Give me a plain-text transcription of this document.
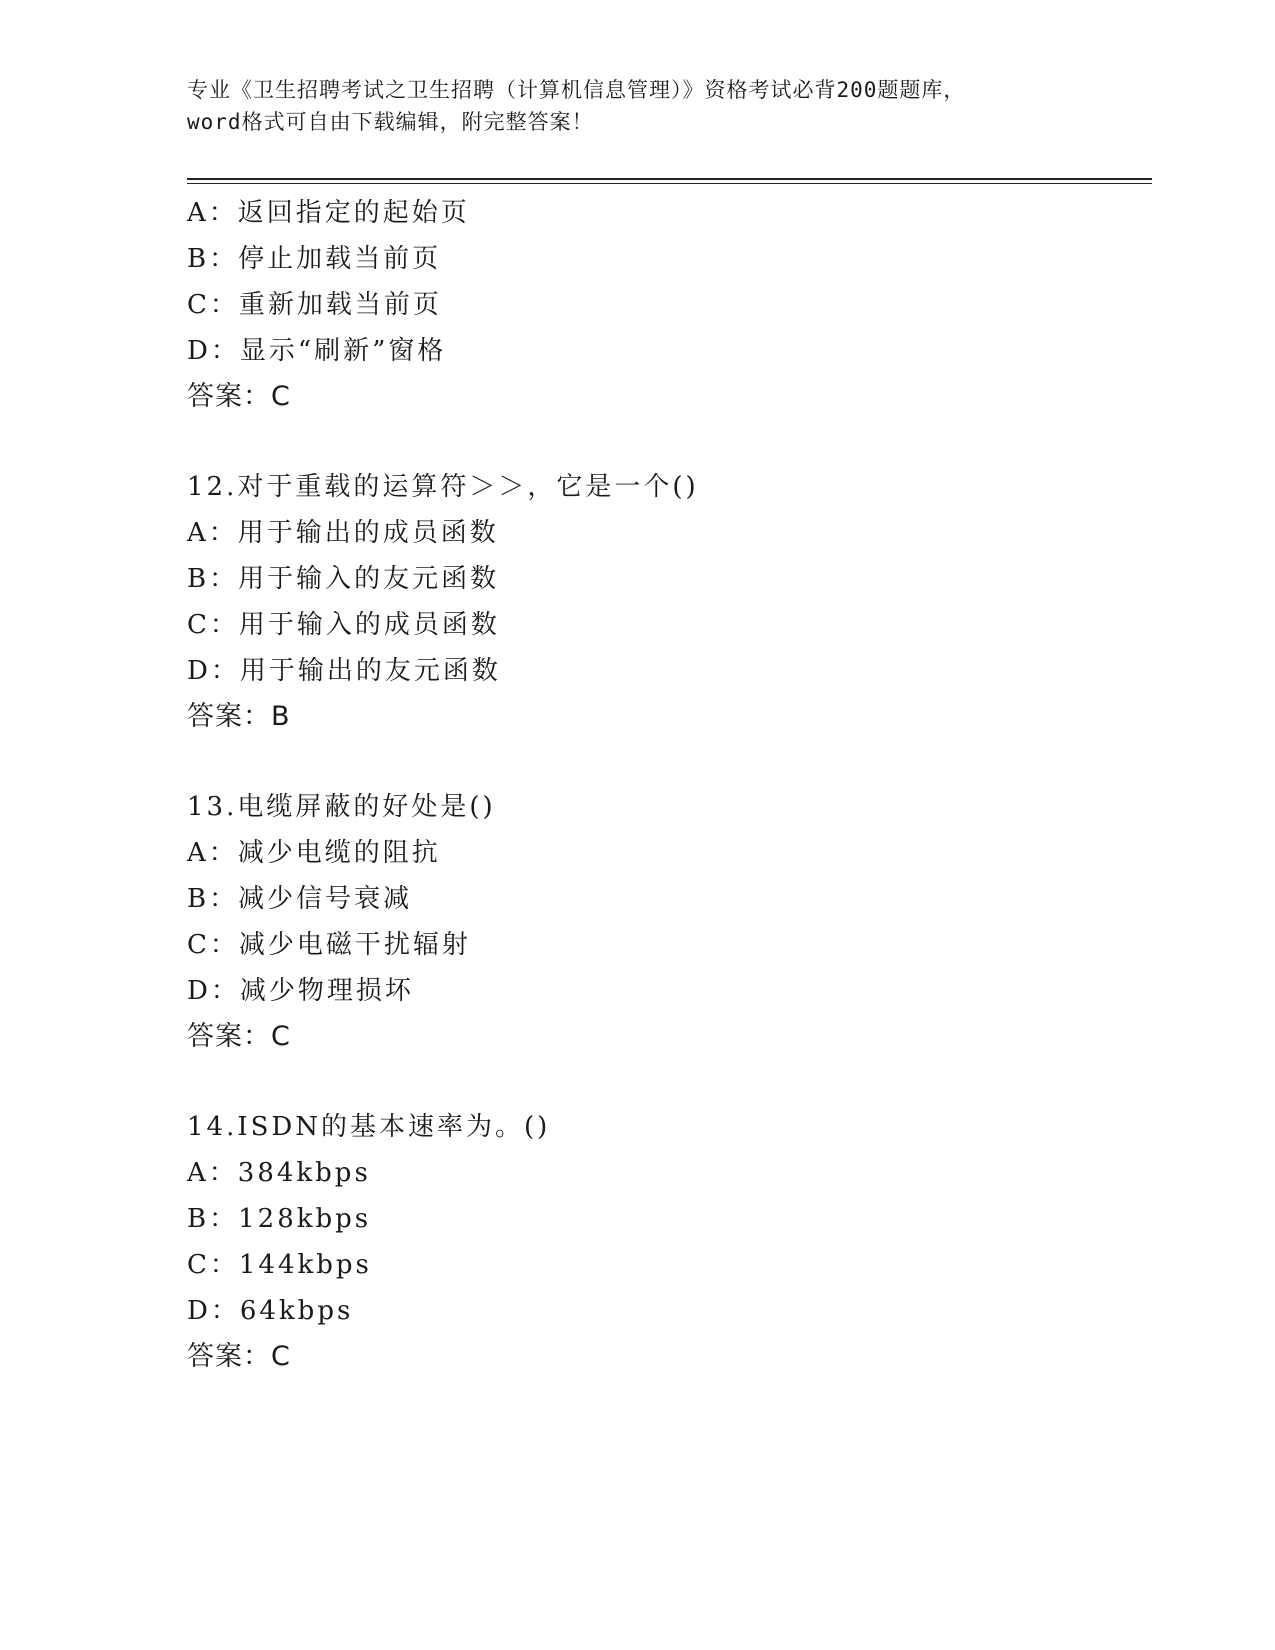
专业《卫生招聘考试之卫生招聘（计算机信息管理）》资格考试必背200题题库，
word格式可自由下载编辑，附完整答案！
A：返回指定的起始页
B：停止加载当前页
C：重新加载当前页
D：显示“刷新”窗格
答案：C
12.对于重载的运算符＞＞，它是一个()
A：用于输出的成员函数
B：用于输入的友元函数
C：用于输入的成员函数
D：用于输出的友元函数
答案：B
13.电缆屏蔽的好处是()
A：减少电缆的阻抗
B：减少信号衰减
C：减少电磁干扰辐射
D：减少物理损坏
答案：C
14.ISDN的基本速率为。()
A：384kbps
B：128kbps
C：144kbps
D：64kbps
答案：C
